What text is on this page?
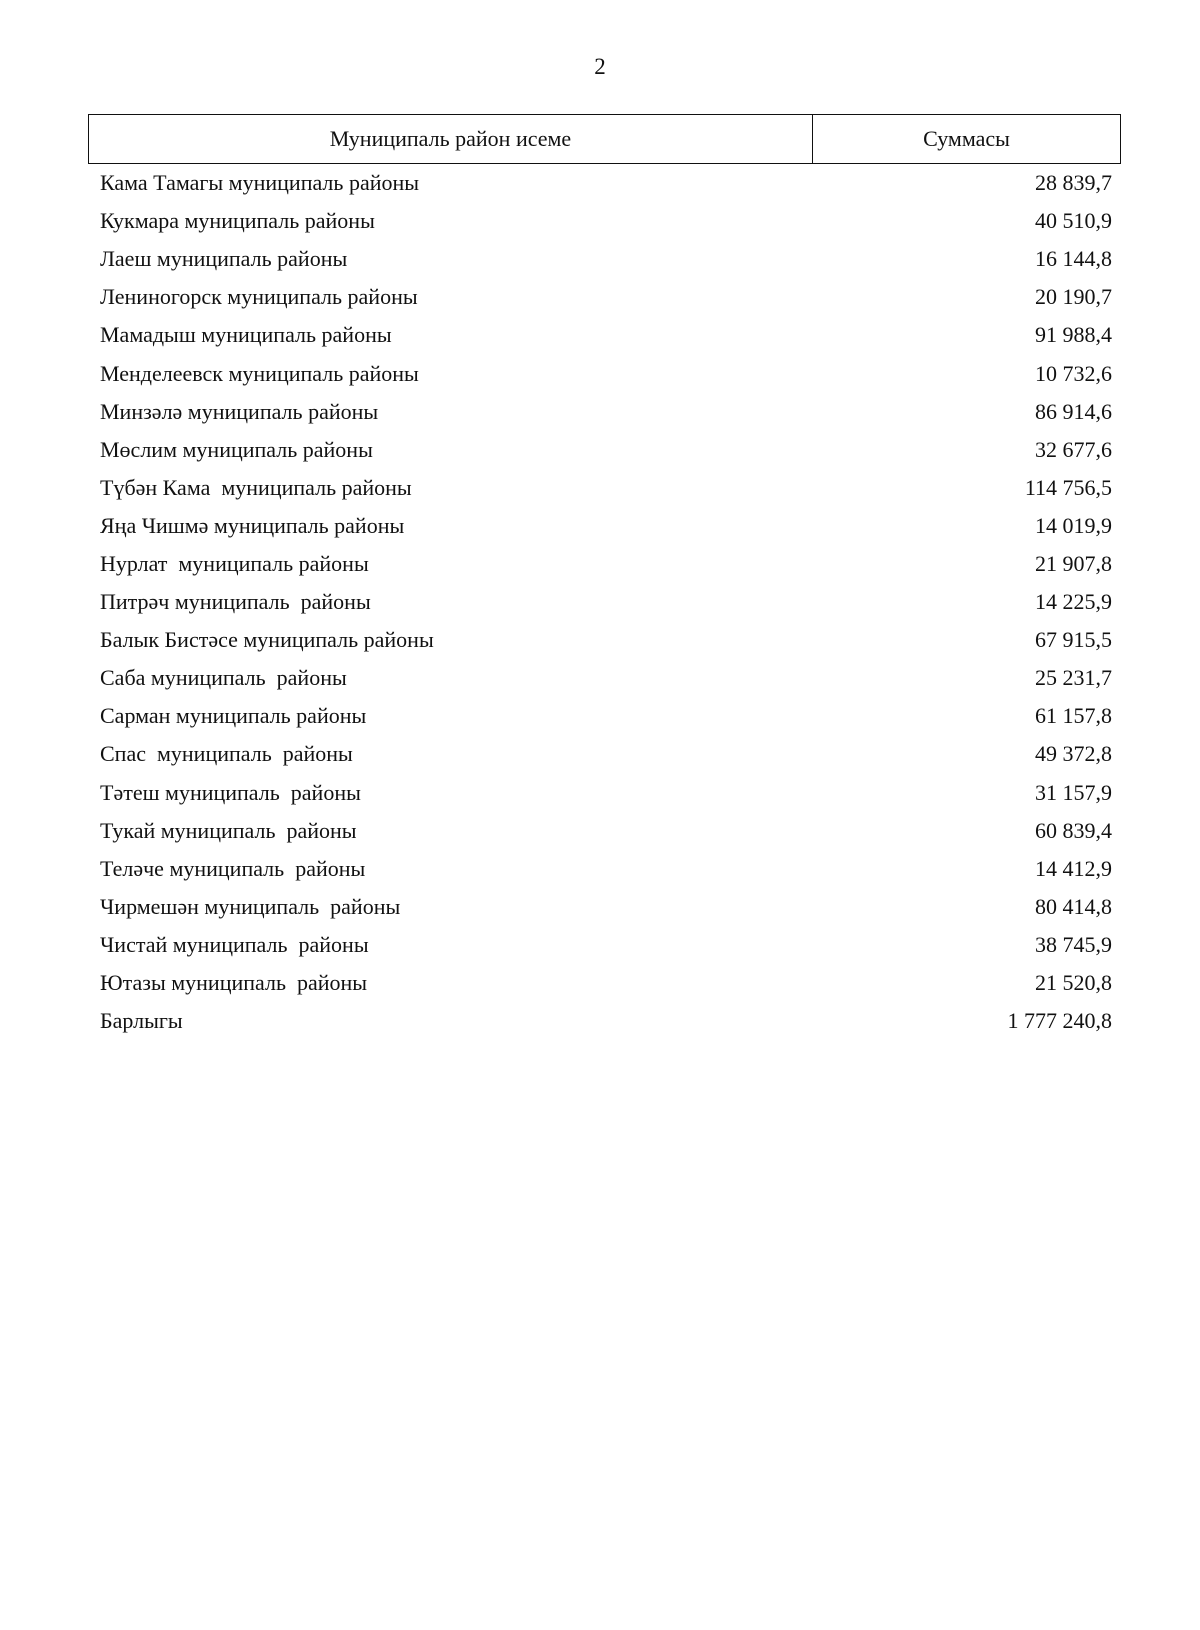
2
Муниципаль район исеме	Суммасы
Кама Тамагы муниципаль районы	28 839,7
Кукмара муниципаль районы	40 510,9
Лаеш муниципаль районы	16 144,8
Лениногорск муниципаль районы	20 190,7
Мамадыш муниципаль районы	91 988,4
Менделеевск муниципаль районы	10 732,6
Минзәлә муниципаль районы	86 914,6
Мөслим муниципаль районы	32 677,6
Түбән Кама  муниципаль районы	114 756,5
Яңа Чишмә муниципаль районы	14 019,9
Нурлат  муниципаль районы	21 907,8
Питрәч муниципаль  районы	14 225,9
Балык Бистәсе муниципаль районы	67 915,5
Саба муниципаль  районы	25 231,7
Сарман муниципаль районы	61 157,8
Спас  муниципаль  районы	49 372,8
Тәтеш муниципаль  районы	31 157,9
Тукай муниципаль  районы	60 839,4
Теләче муниципаль  районы	14 412,9
Чирмешән муниципаль  районы	80 414,8
Чистай муниципаль  районы	38 745,9
Ютазы муниципаль  районы	21 520,8
Барлыгы	1 777 240,8
